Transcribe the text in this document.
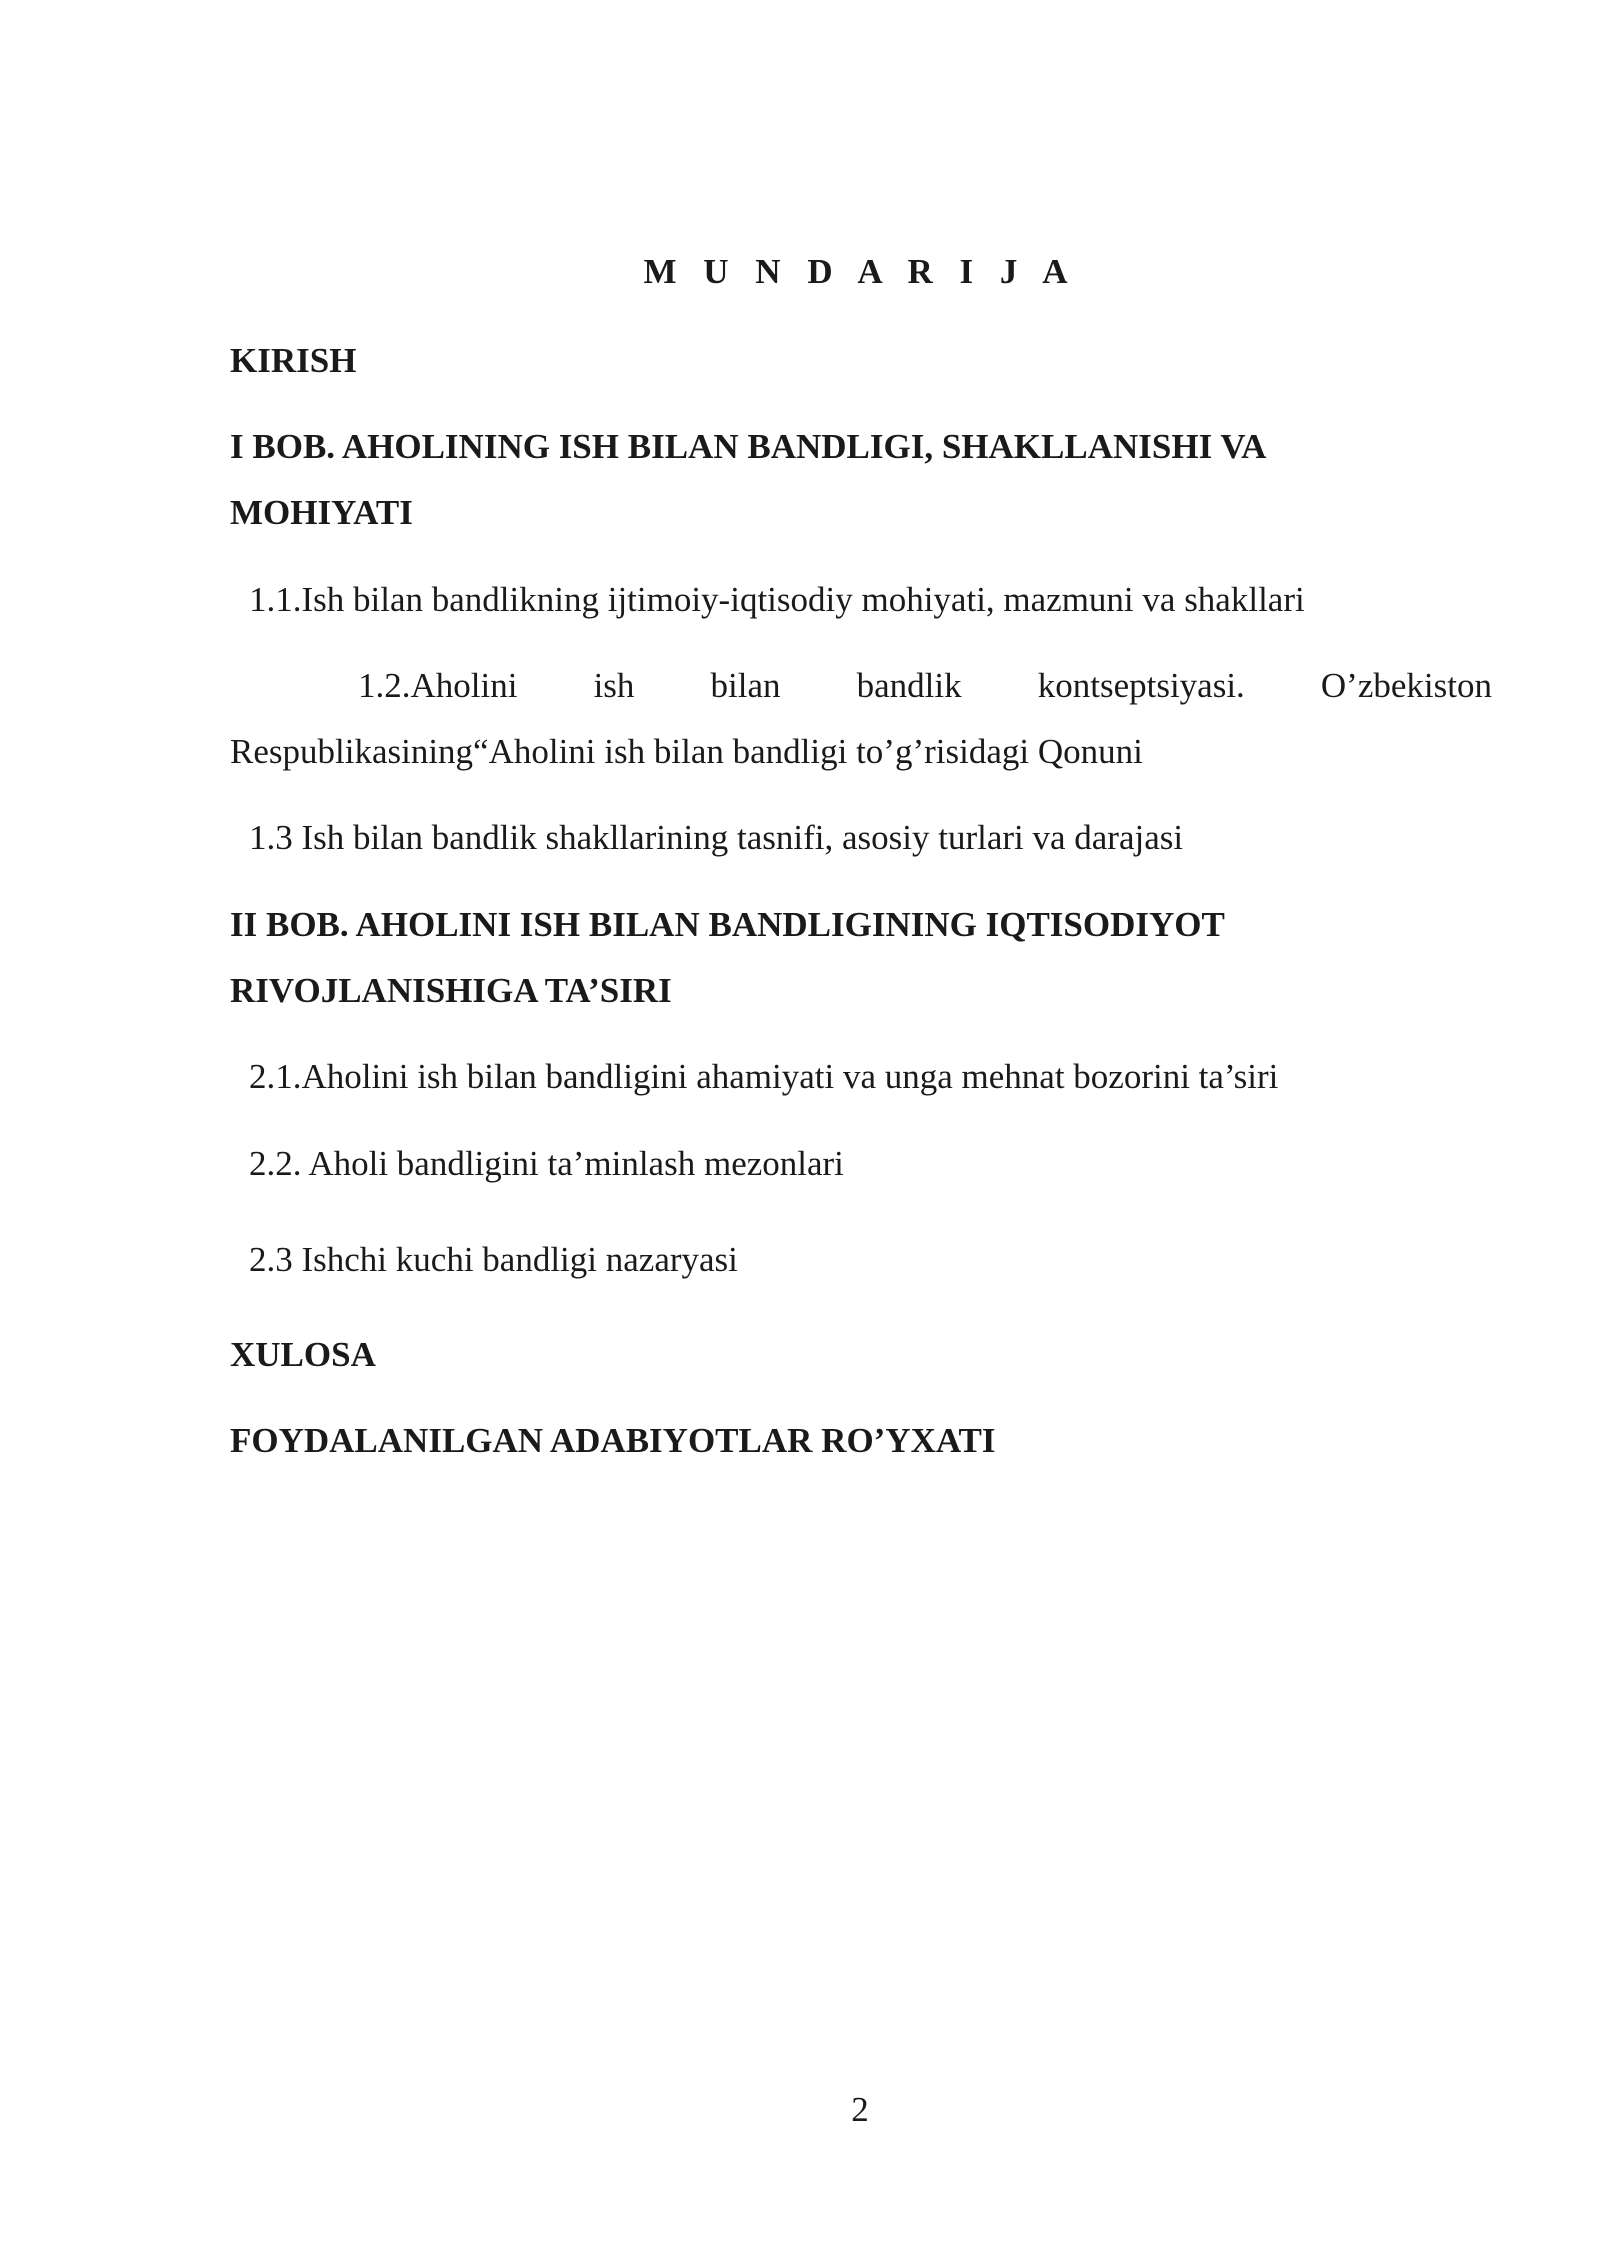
M U N D A R I J A

KIRISH

I BOB. AHOLINING ISH BILAN BANDLIGI, SHAKLLANISHI VA

MOHIYATI

1.1.Ish bilan bandlikning ijtimoiy-iqtisodiy mohiyati, mazmuni va shakllari

1.2.Aholini ish bilan bandlik kontseptsiyasi. O’zbekiston

Respublikasining“Aholini ish bilan bandligi to’g’risidagi Qonuni

1.3 Ish bilan bandlik shakllarining tasnifi, asosiy turlari va darajasi

II BOB. AHOLINI ISH BILAN BANDLIGINING IQTISODIYOT

RIVOJLANISHIGA TA’SIRI

2.1.Aholini ish bilan bandligini ahamiyati va unga mehnat bozorini ta’siri

2.2. Aholi bandligini ta’minlash mezonlari

2.3 Ishchi kuchi bandligi nazaryasi

XULOSA

FOYDALANILGAN ADABIYOTLAR RO’YXATI

2
